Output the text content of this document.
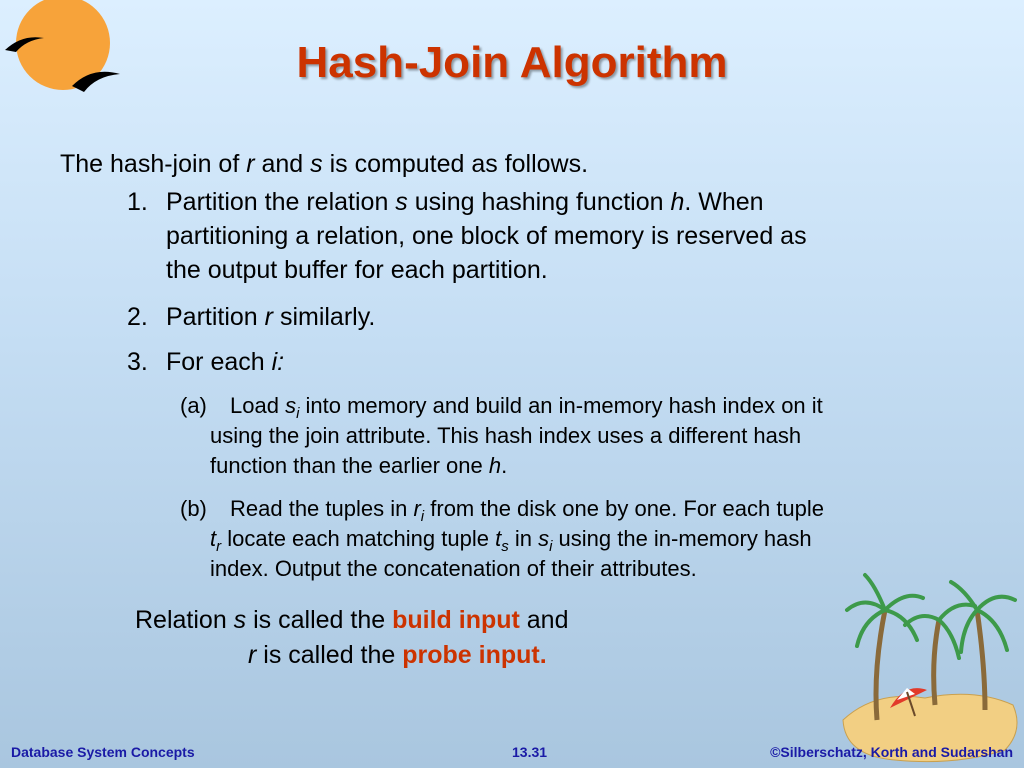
Hash-Join Algorithm
The hash-join of r and s is computed as follows.
1. Partition the relation s using hashing function h. When
partitioning a relation, one block of memory is reserved as
the output buffer for each partition.
2. Partition r similarly.
3. For each i:
(a) Load $s_i$ into memory and build an in-memory hash index on it
using the join attribute. This hash index uses a different hash
function than the earlier one h.
(b) Read the tuples in $r_i$ from the disk one by one. For each tuple
$t_r$ locate each matching tuple $t_s$ in $s_i$ using the in-memory hash
index. Output the concatenation of their attributes.
Relation s is called the build input and
r is called the probe input.
Database System Concepts	13.31	©Silberschatz, Korth and Sudarshan
